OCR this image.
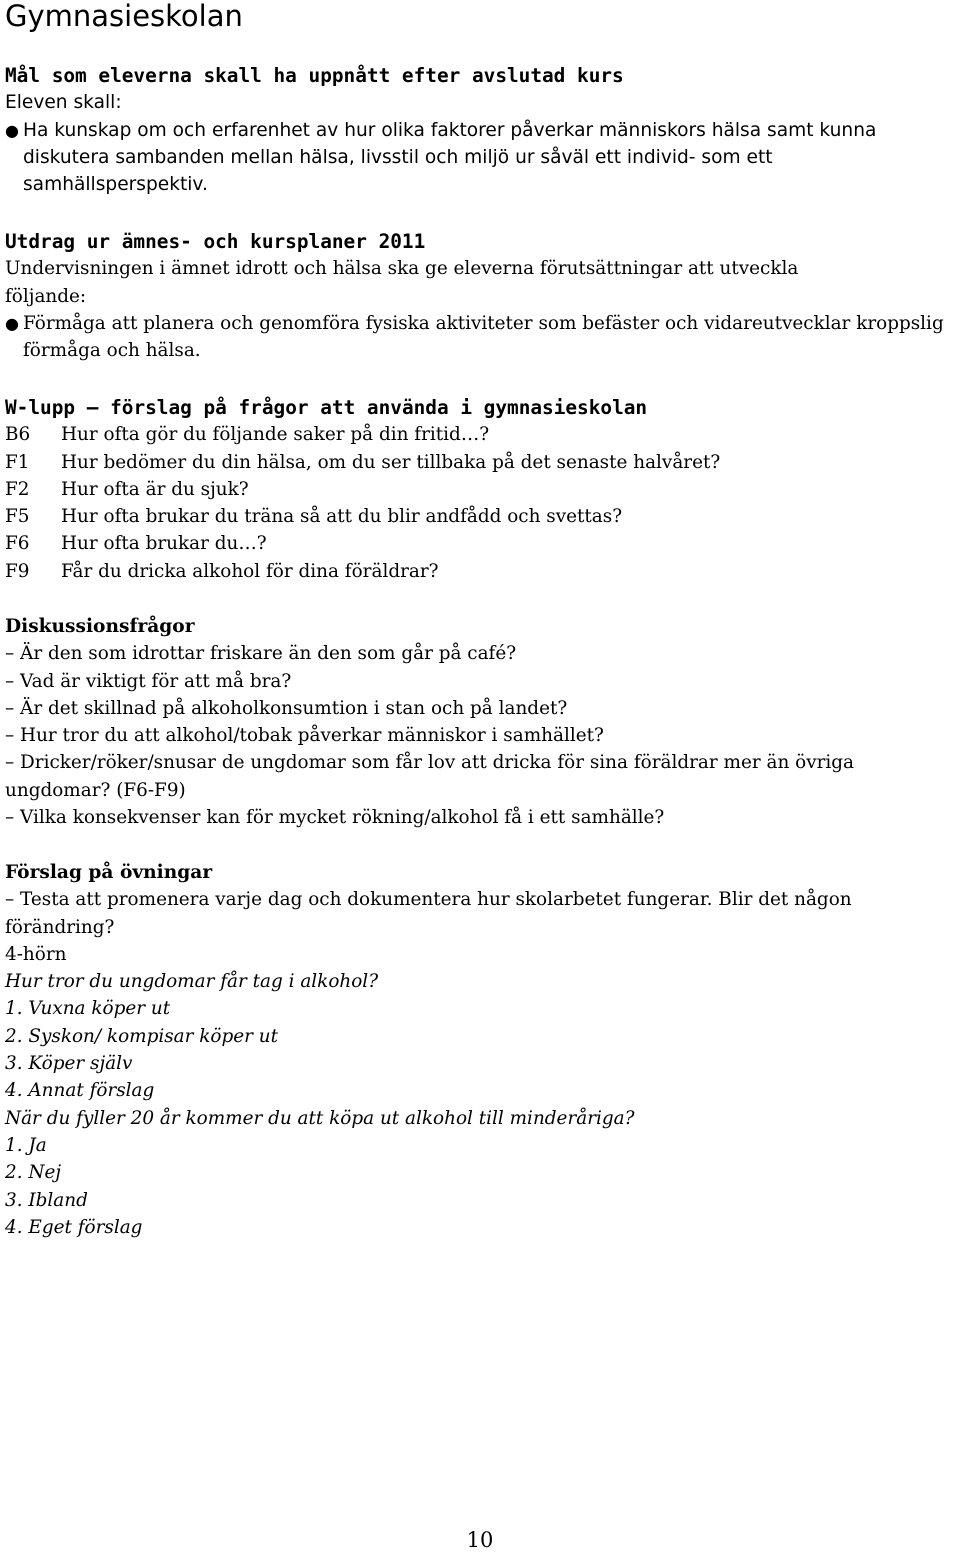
Gymnasieskolan
Mål som eleverna skall ha uppnått efter avslutad kurs
Eleven skall:
● Ha kunskap om och erfarenhet av hur olika faktorer påverkar människors hälsa samt kunna diskutera sambanden mellan hälsa, livsstil och miljö ur såväl ett individ- som ett samhällsperspektiv.
Utdrag ur ämnes- och kursplaner 2011
Undervisningen i ämnet idrott och hälsa ska ge eleverna förutsättningar att utveckla följande:
● Förmåga att planera och genomföra fysiska aktiviteter som befäster och vidareutvecklar kroppslig förmåga och hälsa.
W-lupp – förslag på frågor att använda i gymnasieskolan
B6	Hur ofta gör du följande saker på din fritid…?
F1	Hur bedömer du din hälsa, om du ser tillbaka på det senaste halvåret?
F2	Hur ofta är du sjuk?
F5	Hur ofta brukar du träna så att du blir andfådd och svettas?
F6	Hur ofta brukar du…?
F9	Får du dricka alkohol för dina föräldrar?
Diskussionsfrågor
– Är den som idrottar friskare än den som går på café?
– Vad är viktigt för att må bra?
– Är det skillnad på alkoholkonsumtion i stan och på landet?
– Hur tror du att alkohol/tobak påverkar människor i samhället?
– Dricker/röker/snusar de ungdomar som får lov att dricka för sina föräldrar mer än övriga ungdomar? (F6-F9)
– Vilka konsekvenser kan för mycket rökning/alkohol få i ett samhälle?
Förslag på övningar
– Testa att promenera varje dag och dokumentera hur skolarbetet fungerar. Blir det någon förändring?
4-hörn
Hur tror du ungdomar får tag i alkohol?
1. Vuxna köper ut
2. Syskon/ kompisar köper ut
3. Köper själv
4. Annat förslag
När du fyller 20 år kommer du att köpa ut alkohol till minderåriga?
1. Ja
2. Nej
3. Ibland
4. Eget förslag
10
